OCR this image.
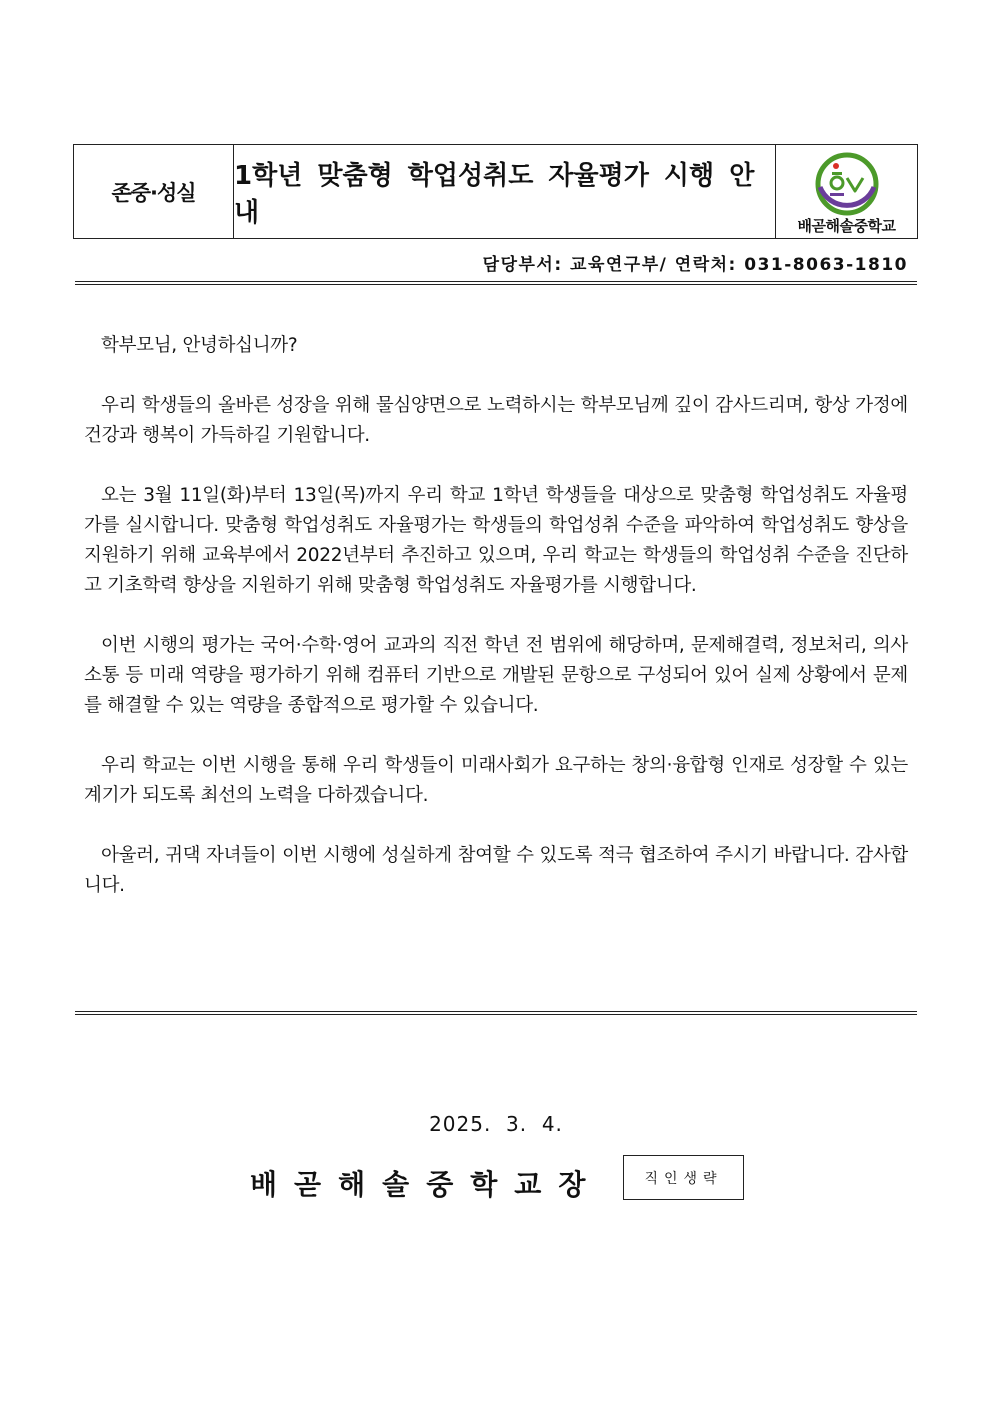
존중·성실
1학년 맞춤형 학업성취도 자율평가 시행 안내	배곧해솔중학교
담당부서: 교육연구부/ 연락처: 031-8063-1810

학부모님, 안녕하십니까?

우리 학생들의 올바른 성장을 위해 물심양면으로 노력하시는 학부모님께 깊이 감사드리며, 항상 가정에 건강과 행복이 가득하길 기원합니다.

오는 3월 11일(화)부터 13일(목)까지 우리 학교 1학년 학생들을 대상으로 맞춤형 학업성취도 자율평가를 실시합니다. 맞춤형 학업성취도 자율평가는 학생들의 학업성취 수준을 파악하여 학업성취도 향상을 지원하기 위해 교육부에서 2022년부터 추진하고 있으며, 우리 학교는 학생들의 학업성취 수준을 진단하고 기초학력 향상을 지원하기 위해 맞춤형 학업성취도 자율평가를 시행합니다.

이번 시행의 평가는 국어·수학·영어 교과의 직전 학년 전 범위에 해당하며, 문제해결력, 정보처리, 의사소통 등 미래 역량을 평가하기 위해 컴퓨터 기반으로 개발된 문항으로 구성되어 있어 실제 상황에서 문제를 해결할 수 있는 역량을 종합적으로 평가할 수 있습니다.

우리 학교는 이번 시행을 통해 우리 학생들이 미래사회가 요구하는 창의·융합형 인재로 성장할 수 있는 계기가 되도록 최선의 노력을 다하겠습니다.

아울러, 귀댁 자녀들이 이번 시행에 성실하게 참여할 수 있도록 적극 협조하여 주시기 바랍니다. 감사합니다.

2025.  3.  4.
배곧해솔중학교장	직인생략
